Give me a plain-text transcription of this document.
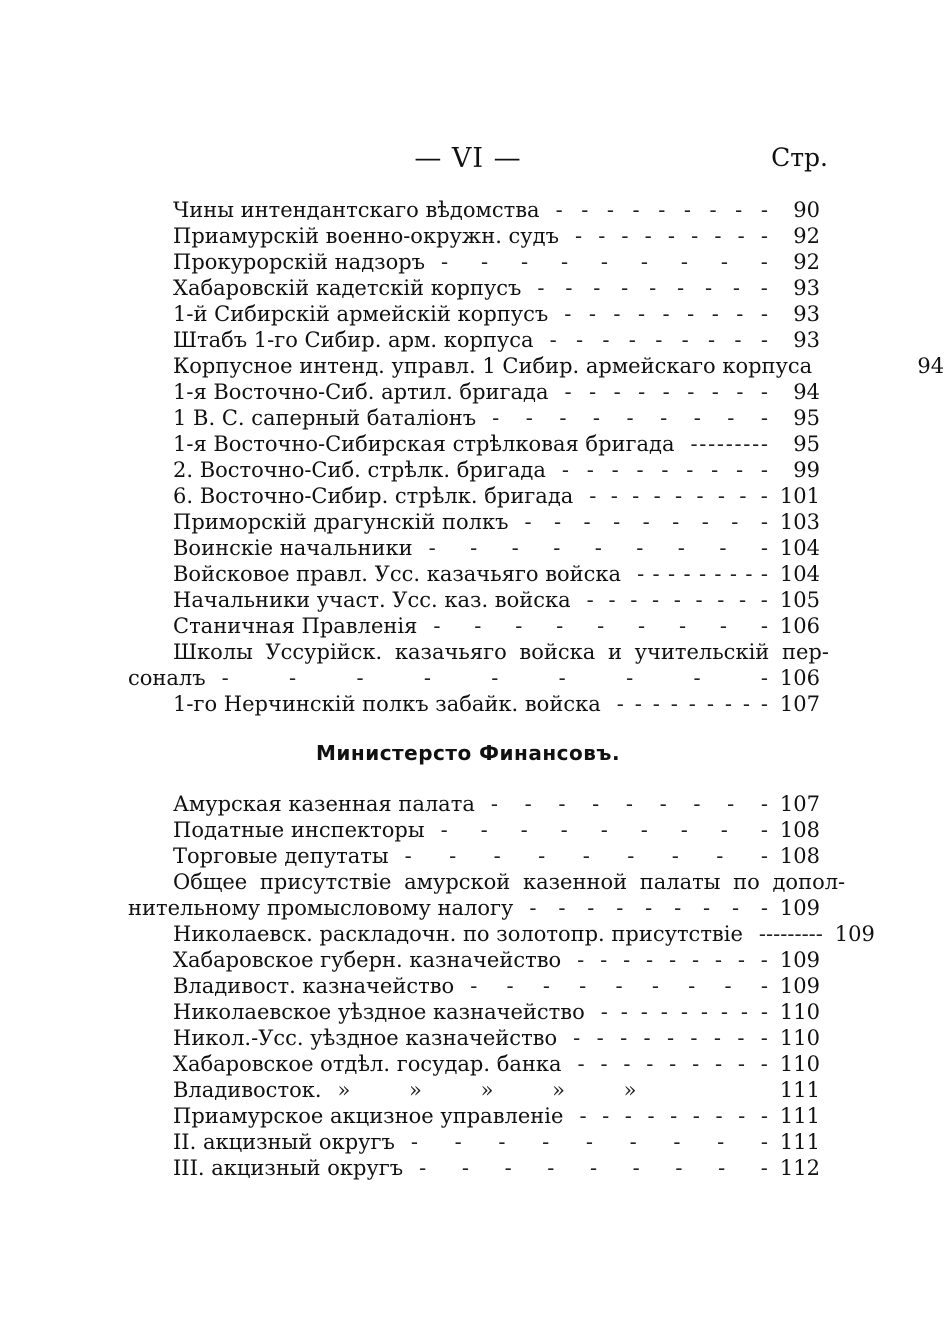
— VI —	Стр.
Чины интендантскаго вѣдомства - - - - - - - - -	90
Приамурскій военно-окружн. судъ - - - - - - - - -	92
Прокурорскій надзоръ - - - - - - - - -	92
Хабаровскій кадетскій корпусъ - - - - - - - - -	93
1-й Сибирскій армейскій корпусъ - - - - - - - - -	93
Штабъ 1-го Сибир. арм. корпуса - - - - - - - - -	93
Корпусное интенд. управл. 1 Сибир. армейскаго корпуса	94
1-я Восточно-Сиб. артил. бригада - - - - - - - - -	94
1 В. С. саперный баталіонъ - - - - - - - - -	95
1-я Восточно-Сибирская стрѣлковая бригада - - - - - - - - -	95
2. Восточно-Сиб. стрѣлк. бригада - - - - - - - - -	99
6. Восточно-Сибир. стрѣлк. бригада - - - - - - - - - 101
Приморскій драгунскій полкъ - - - - - - - - - 103
Воинскіе начальники - - - - - - - - - 104
Войсковое правл. Усс. казачьяго войска - - - - - - - - - 104
Начальники участ. Усс. каз. войска - - - - - - - - - 105
Станичная Правленія - - - - - - - - - 106
Школы Уссурійск. казачьяго войска и учительскій пер-
соналъ -	-	-	-	-	-	-	-	- 106
1-го Нерчинскій полкъ забайк. войска - - - - - - - - - 107
Министерсто Финансовъ.
Амурская казенная палата - - - - - - - - - 107
Податные инспекторы - - - - - - - - - 108
Торговые депутаты - - - - - - - - - 108
Общее присутствіе амурской казенной палаты по допол-
нительному промысловому налогу - - - - - - - - - 109
Николаевск. раскладочн. по золотопр. присутствіе - - - - - - - - - 109
Хабаровское губерн. казначейство - - - - - - - - - 109
Владивост. казначейство - - - - - - - - - 109
Николаевское уѣздное казначейство - - - - - - - - - 110
Никол.-Усс. уѣздное казначейство - - - - - - - - - 110
Хабаровское отдѣл. государ. банка - - - - - - - - - 110
Владивосток. » » » » »	111
Приамурское акцизное управленіе - - - - - - - - - 111
II. акцизный округъ - - - - - - - - - 111
III. акцизный округъ - - - - - - - - - 112
